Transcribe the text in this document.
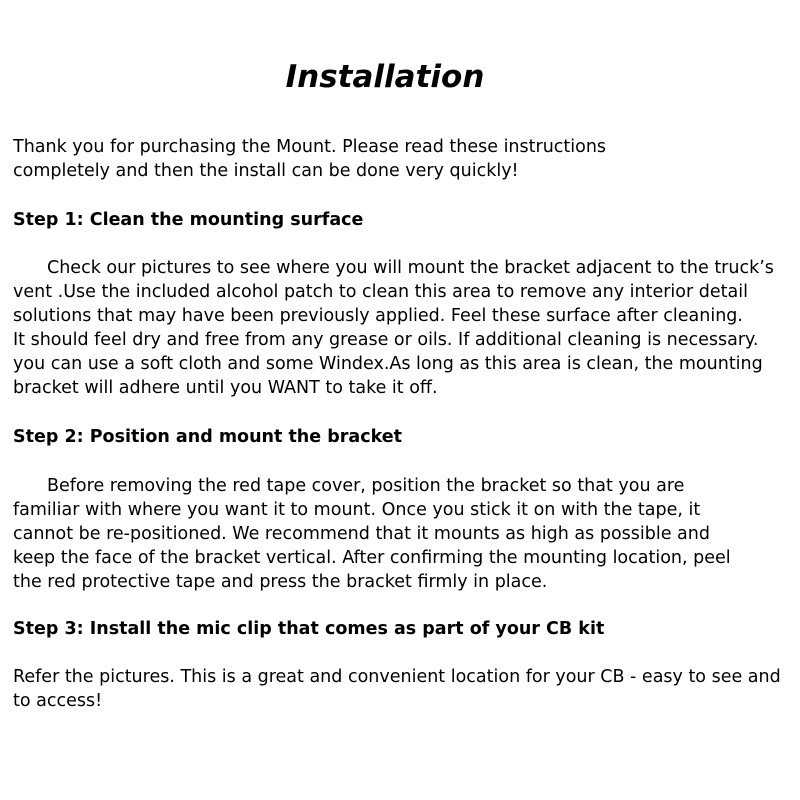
Installation

Thank you for purchasing the Mount. Please read these instructions
completely and then the install can be done very quickly!

Step 1: Clean the mounting surface

Check our pictures to see where you will mount the bracket adjacent to the truck’s
vent .Use the included alcohol patch to clean this area to remove any interior detail
solutions that may have been previously applied. Feel these surface after cleaning.
It should feel dry and free from any grease or oils. If additional cleaning is necessary.
you can use a soft cloth and some Windex.As long as this area is clean, the mounting
bracket will adhere until you WANT to take it off.

Step 2: Position and mount the bracket

Before removing the red tape cover, position the bracket so that you are
familiar with where you want it to mount. Once you stick it on with the tape, it
cannot be re-positioned. We recommend that it mounts as high as possible and
keep the face of the bracket vertical. After confirming the mounting location, peel
the red protective tape and press the bracket firmly in place.

Step 3: Install the mic clip that comes as part of your CB kit

Refer the pictures. This is a great and convenient location for your CB - easy to see and
to access!
